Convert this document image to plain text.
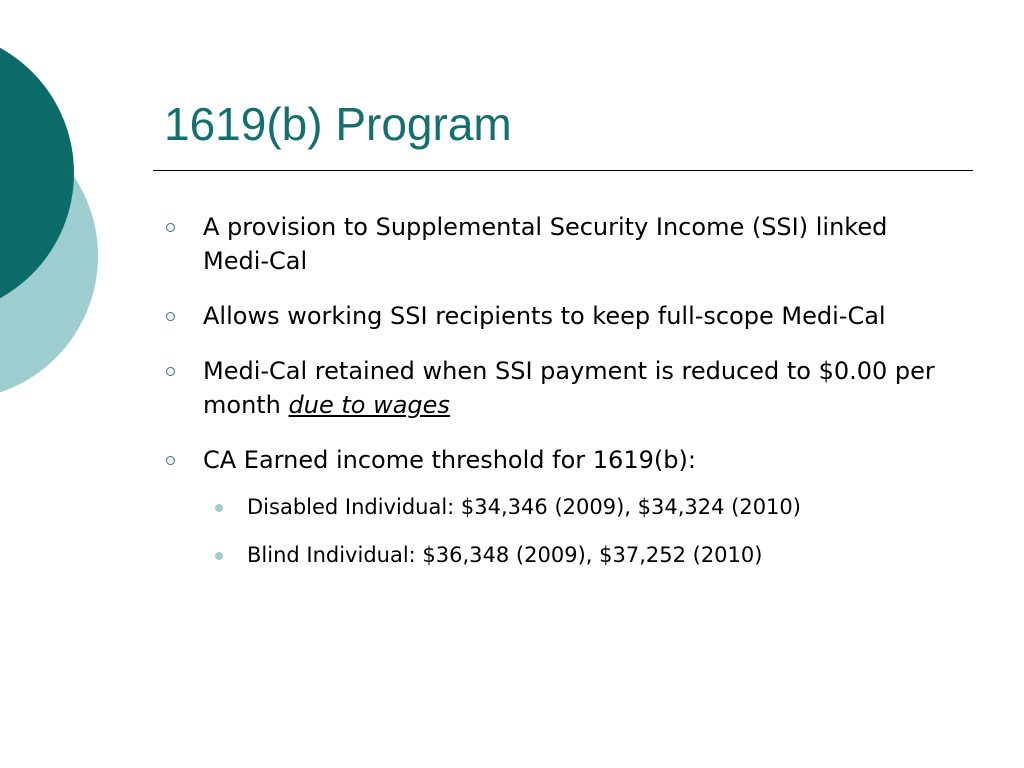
1619(b) Program
A provision to Supplemental Security Income (SSI) linked Medi-Cal
Allows working SSI recipients to keep full-scope Medi-Cal
Medi-Cal retained when SSI payment is reduced to $0.00 per month due to wages
CA Earned income threshold for 1619(b):
Disabled Individual: $34,346 (2009), $34,324 (2010)
Blind Individual: $36,348 (2009), $37,252 (2010)
